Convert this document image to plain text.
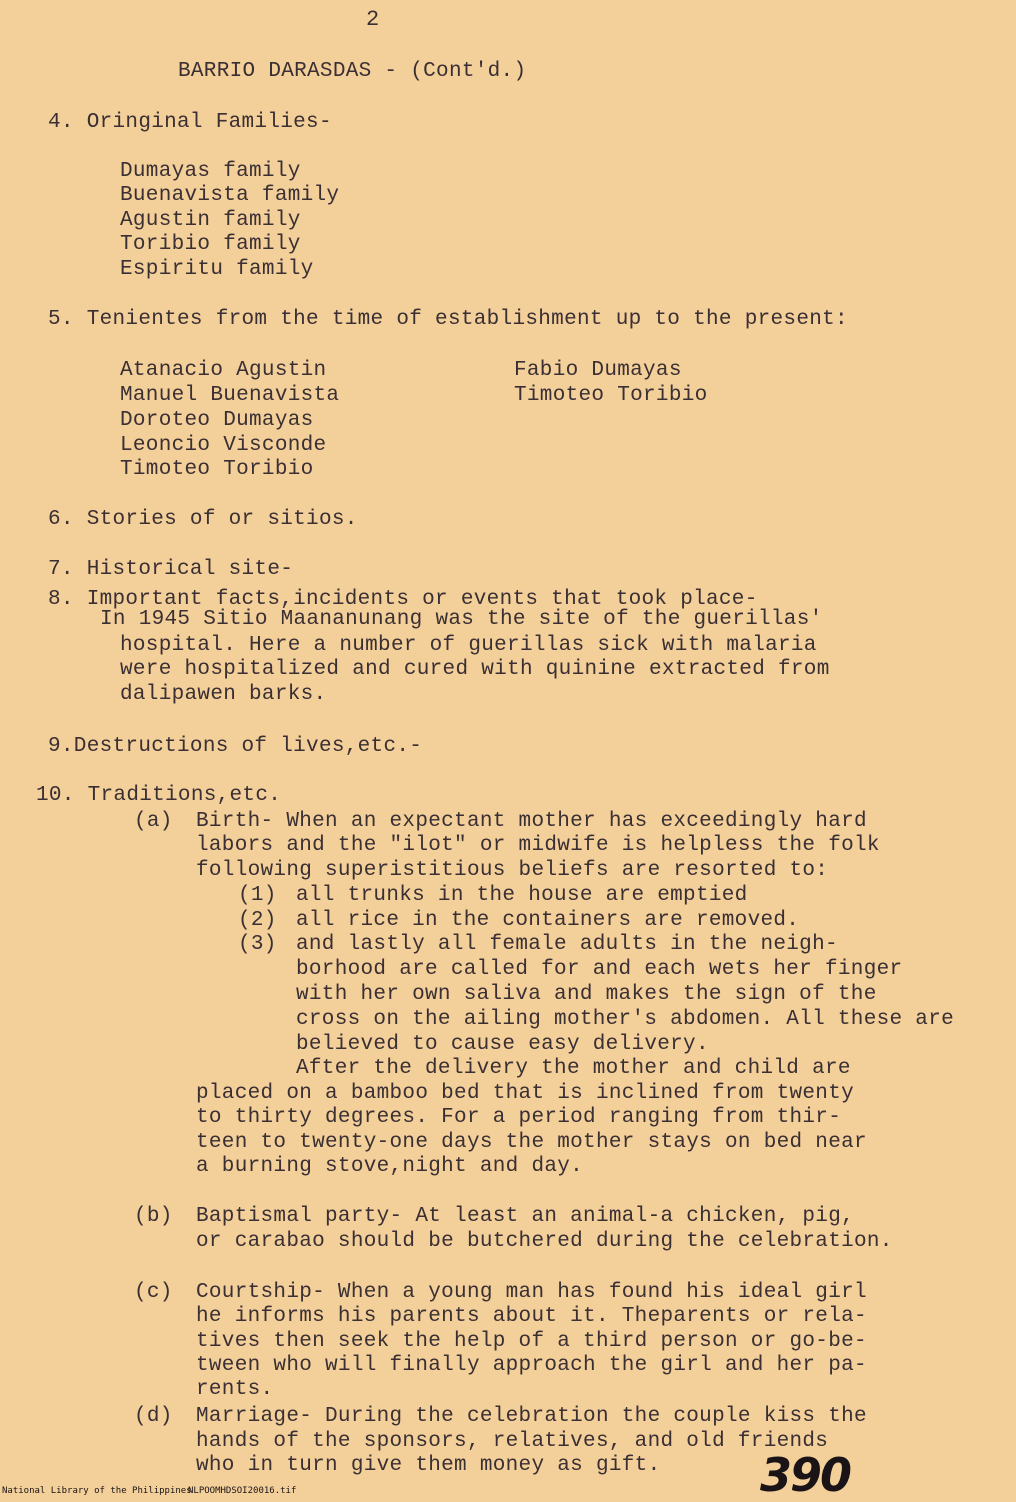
2
BARRIO DARASDAS - (Cont'd.)
4. Oringinal Families-
Dumayas family
Buenavista family
Agustin family
Toribio family
Espiritu family
5. Tenientes from the time of establishment up to the present:
Atanacio Agustin
Manuel Buenavista
Doroteo Dumayas
Leoncio Visconde
Timoteo Toribio
Fabio Dumayas
Timoteo Toribio
6. Stories of or sitios.
7. Historical site-
8. Important facts,incidents or events that took place-
In 1945 Sitio Maananunang was the site of the guerillas'
hospital. Here a number of guerillas sick with malaria
were hospitalized and cured with quinine extracted from
dalipawen barks.
9.Destructions of lives,etc.-
10. Traditions,etc.
(a) Birth- When an expectant mother has exceedingly hard
labors and the "ilot" or midwife is helpless the folk
following superistitious beliefs are resorted to:
(1) all trunks in the house are emptied
(2) all rice in the containers are removed.
(3) and lastly all female adults in the neigh-
borhood are called for and each wets her finger
with her own saliva and makes the sign of the
cross on the ailing mother's abdomen. All these are
believed to cause easy delivery.
After the delivery the mother and child are
placed on a bamboo bed that is inclined from twenty
to thirty degrees. For a period ranging from thir-
teen to twenty-one days the mother stays on bed near
a burning stove,night and day.
(b) Baptismal party- At least an animal-a chicken, pig,
or carabao should be butchered during the celebration.
(c) Courtship- When a young man has found his ideal girl
he informs his parents about it. Theparents or rela-
tives then seek the help of a third person or go-be-
tween who will finally approach the girl and her pa-
rents.
(d) Marriage- During the celebration the couple kiss the
hands of the sponsors, relatives, and old friends
who in turn give them money as gift. 390
National Library of the Philippines
NLPOOMHDSOI20016.tif
